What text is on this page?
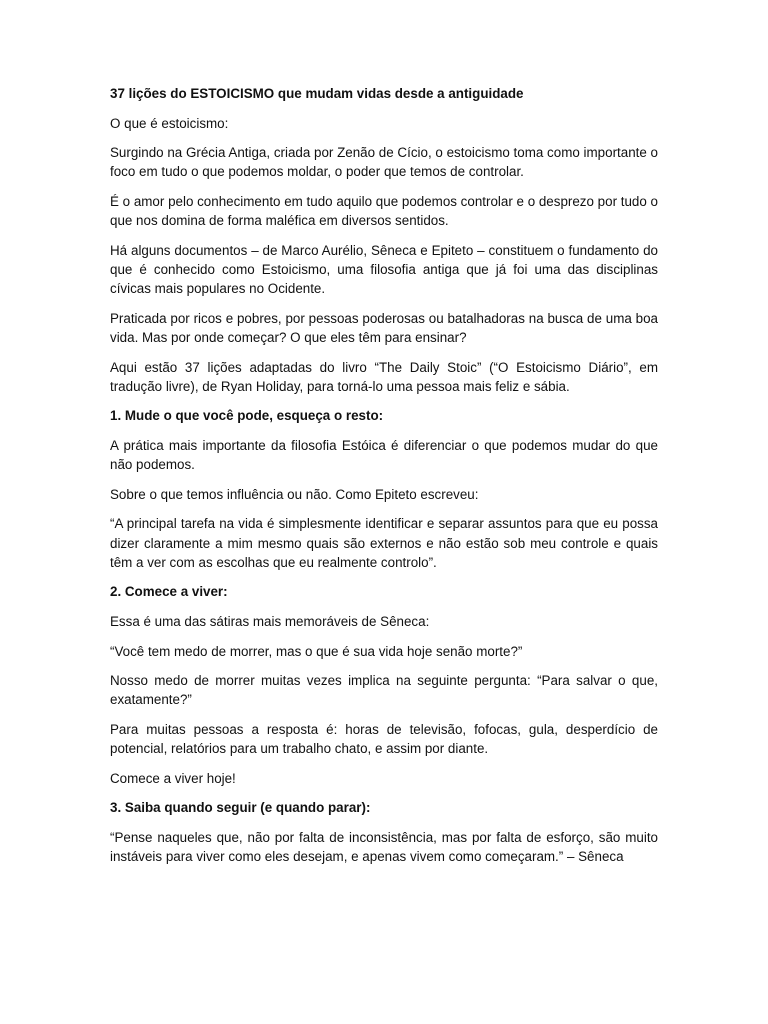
37 lições do ESTOICISMO que mudam vidas desde a antiguidade

O que é estoicismo:

Surgindo na Grécia Antiga, criada por Zenão de Cício, o estoicismo toma como importante o foco em tudo o que podemos moldar, o poder que temos de controlar.

É o amor pelo conhecimento em tudo aquilo que podemos controlar e o desprezo por tudo o que nos domina de forma maléfica em diversos sentidos.

Há alguns documentos – de Marco Aurélio, Sêneca e Epiteto – constituem o fundamento do que é conhecido como Estoicismo, uma filosofia antiga que já foi uma das disciplinas cívicas mais populares no Ocidente.

Praticada por ricos e pobres, por pessoas poderosas ou batalhadoras na busca de uma boa vida. Mas por onde começar? O que eles têm para ensinar?

Aqui estão 37 lições adaptadas do livro “The Daily Stoic” (“O Estoicismo Diário”, em tradução livre), de Ryan Holiday, para torná-lo uma pessoa mais feliz e sábia.

1. Mude o que você pode, esqueça o resto:

A prática mais importante da filosofia Estóica é diferenciar o que podemos mudar do que não podemos.

Sobre o que temos influência ou não. Como Epiteto escreveu:

“A principal tarefa na vida é simplesmente identificar e separar assuntos para que eu possa dizer claramente a mim mesmo quais são externos e não estão sob meu controle e quais têm a ver com as escolhas que eu realmente controlo”.

2. Comece a viver:

Essa é uma das sátiras mais memoráveis de Sêneca:

“Você tem medo de morrer, mas o que é sua vida hoje senão morte?”

Nosso medo de morrer muitas vezes implica na seguinte pergunta: “Para salvar o que, exatamente?”

Para muitas pessoas a resposta é: horas de televisão, fofocas, gula, desperdício de potencial, relatórios para um trabalho chato, e assim por diante.

Comece a viver hoje!

3. Saiba quando seguir (e quando parar):

“Pense naqueles que, não por falta de inconsistência, mas por falta de esforço, são muito instáveis para viver como eles desejam, e apenas vivem como começaram.” – Sêneca
